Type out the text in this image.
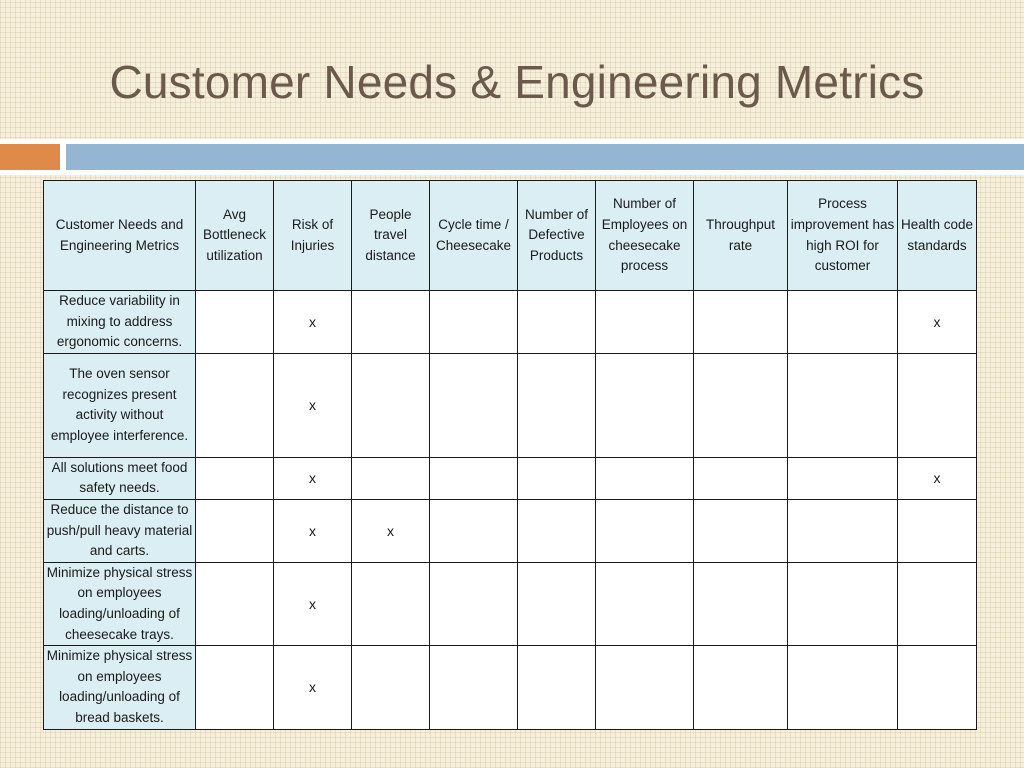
Customer Needs & Engineering Metrics
Customer Needs and Engineering Metrics	Avg Bottleneck utilization	Risk of Injuries	People travel distance	Cycle time / Cheesecake	Number of Defective Products	Number of Employees on cheesecake process	Throughput rate	Process improvement has high ROI for customer	Health code standards
Reduce variability in mixing to address ergonomic concerns.		x							x
The oven sensor recognizes present activity without employee interference.		x							
All solutions meet food safety needs.		x							x
Reduce the distance to push/pull heavy material and carts.		x	x						
Minimize physical stress on employees loading/unloading of cheesecake trays.		x							
Minimize physical stress on employees loading/unloading of bread baskets.		x							
